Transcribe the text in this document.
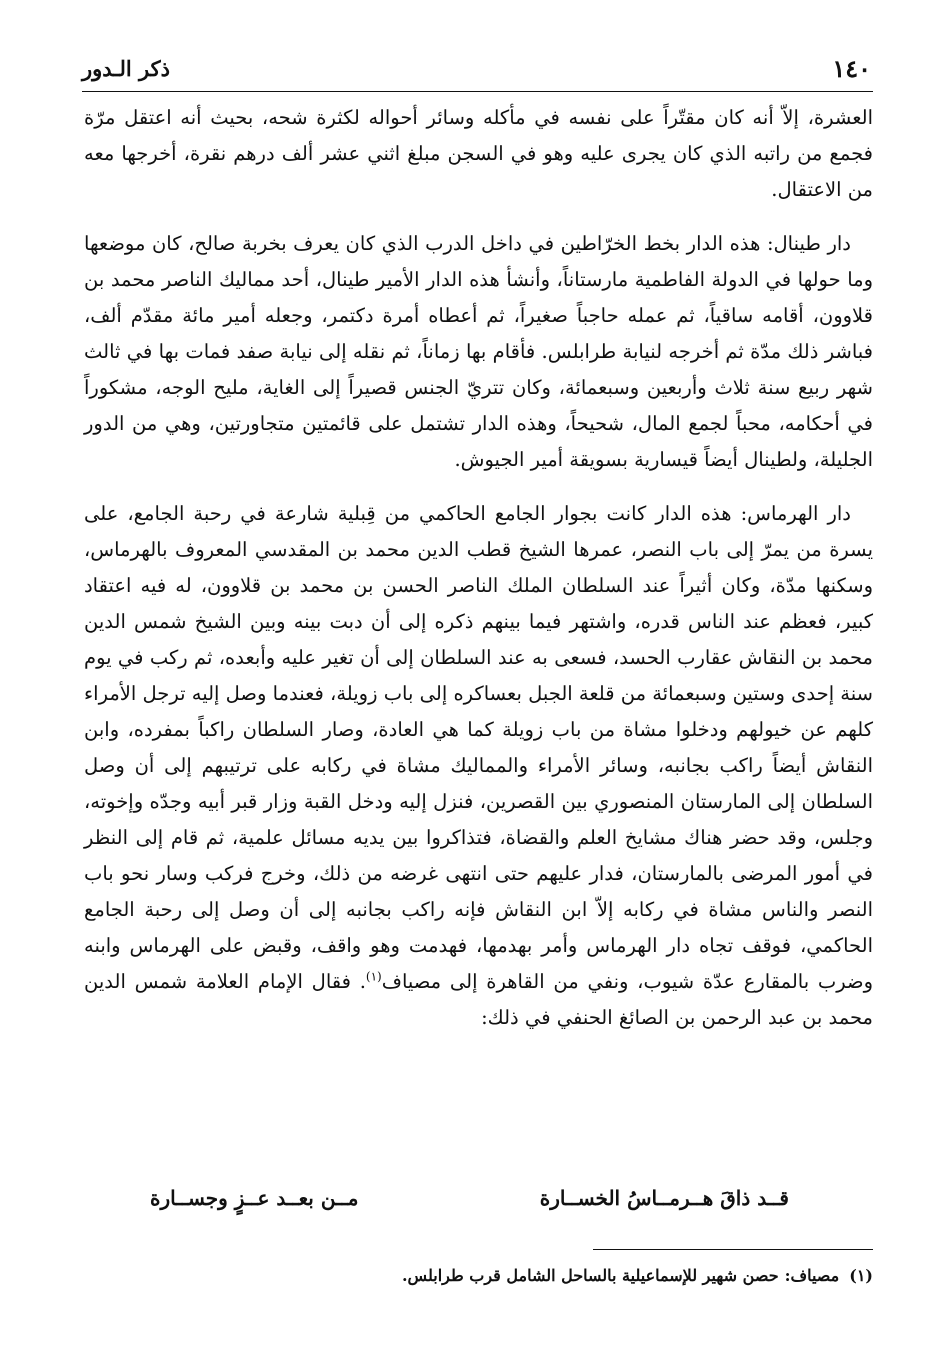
ذكر الـدور	١٤٠

العشرة، إلاّ أنه كان مقتّراً على نفسه في مأكله وسائر أحواله لكثرة شحه، بحيث أنه اعتقل مرّة فجمع من راتبه الذي كان يجرى عليه وهو في السجن مبلغ اثني عشر ألف درهم نقرة، أخرجها معه من الاعتقال.

دار طينال: هذه الدار بخط الخرّاطين في داخل الدرب الذي كان يعرف بخربة صالح، كان موضعها وما حولها في الدولة الفاطمية مارستاناً، وأنشأ هذه الدار الأمير طينال، أحد مماليك الناصر محمد بن قلاوون، أقامه ساقياً، ثم عمله حاجباً صغيراً، ثم أعطاه أمرة دكتمر، وجعله أمير مائة مقدّم ألف، فباشر ذلك مدّة ثم أخرجه لنيابة طرابلس. فأقام بها زماناً، ثم نقله إلى نيابة صفد فمات بها في ثالث شهر ربيع سنة ثلاث وأربعين وسبعمائة، وكان تتريّ الجنس قصيراً إلى الغاية، مليح الوجه، مشكوراً في أحكامه، محباً لجمع المال، شحيحاً، وهذه الدار تشتمل على قائمتين متجاورتين، وهي من الدور الجليلة، ولطينال أيضاً قيسارية بسويقة أمير الجيوش.

دار الهرماس: هذه الدار كانت بجوار الجامع الحاكمي من قِبلية شارعة في رحبة الجامع، على يسرة من يمرّ إلى باب النصر، عمرها الشيخ قطب الدين محمد بن المقدسي المعروف بالهرماس، وسكنها مدّة، وكان أثيراً عند السلطان الملك الناصر الحسن بن محمد بن قلاوون، له فيه اعتقاد كبير، فعظم عند الناس قدره، واشتهر فيما بينهم ذكره إلى أن دبت بينه وبين الشيخ شمس الدين محمد بن النقاش عقارب الحسد، فسعى به عند السلطان إلى أن تغير عليه وأبعده، ثم ركب في يوم سنة إحدى وستين وسبعمائة من قلعة الجبل بعساكره إلى باب زويلة، فعندما وصل إليه ترجل الأمراء كلهم عن خيولهم ودخلوا مشاة من باب زويلة كما هي العادة، وصار السلطان راكباً بمفرده، وابن النقاش أيضاً راكب بجانبه، وسائر الأمراء والمماليك مشاة في ركابه على ترتيبهم إلى أن وصل السلطان إلى المارستان المنصوري بين القصرين، فنزل إليه ودخل القبة وزار قبر أبيه وجدّه وإخوته، وجلس، وقد حضر هناك مشايخ العلم والقضاة، فتذاكروا بين يديه مسائل علمية، ثم قام إلى النظر في أمور المرضى بالمارستان، فدار عليهم حتى انتهى غرضه من ذلك، وخرج فركب وسار نحو باب النصر والناس مشاة في ركابه إلاّ ابن النقاش فإنه راكب بجانبه إلى أن وصل إلى رحبة الجامع الحاكمي، فوقف تجاه دار الهرماس وأمر بهدمها، فهدمت وهو واقف، وقبض على الهرماس وابنه وضرب بالمقارع عدّة شيوب، ونفي من القاهرة إلى مصياف$^{(١)}$. فقال الإمام العلامة شمس الدين محمد بن عبد الرحمن بن الصائغ الحنفي في ذلك:

قــد ذاقَ هــرمــاسُ الخســارة
مــن بعــد عــزٍ وجســارة
(١)مصياف:حصن شهير للإسماعيلية بالساحل الشامل قرب طرابلس.
